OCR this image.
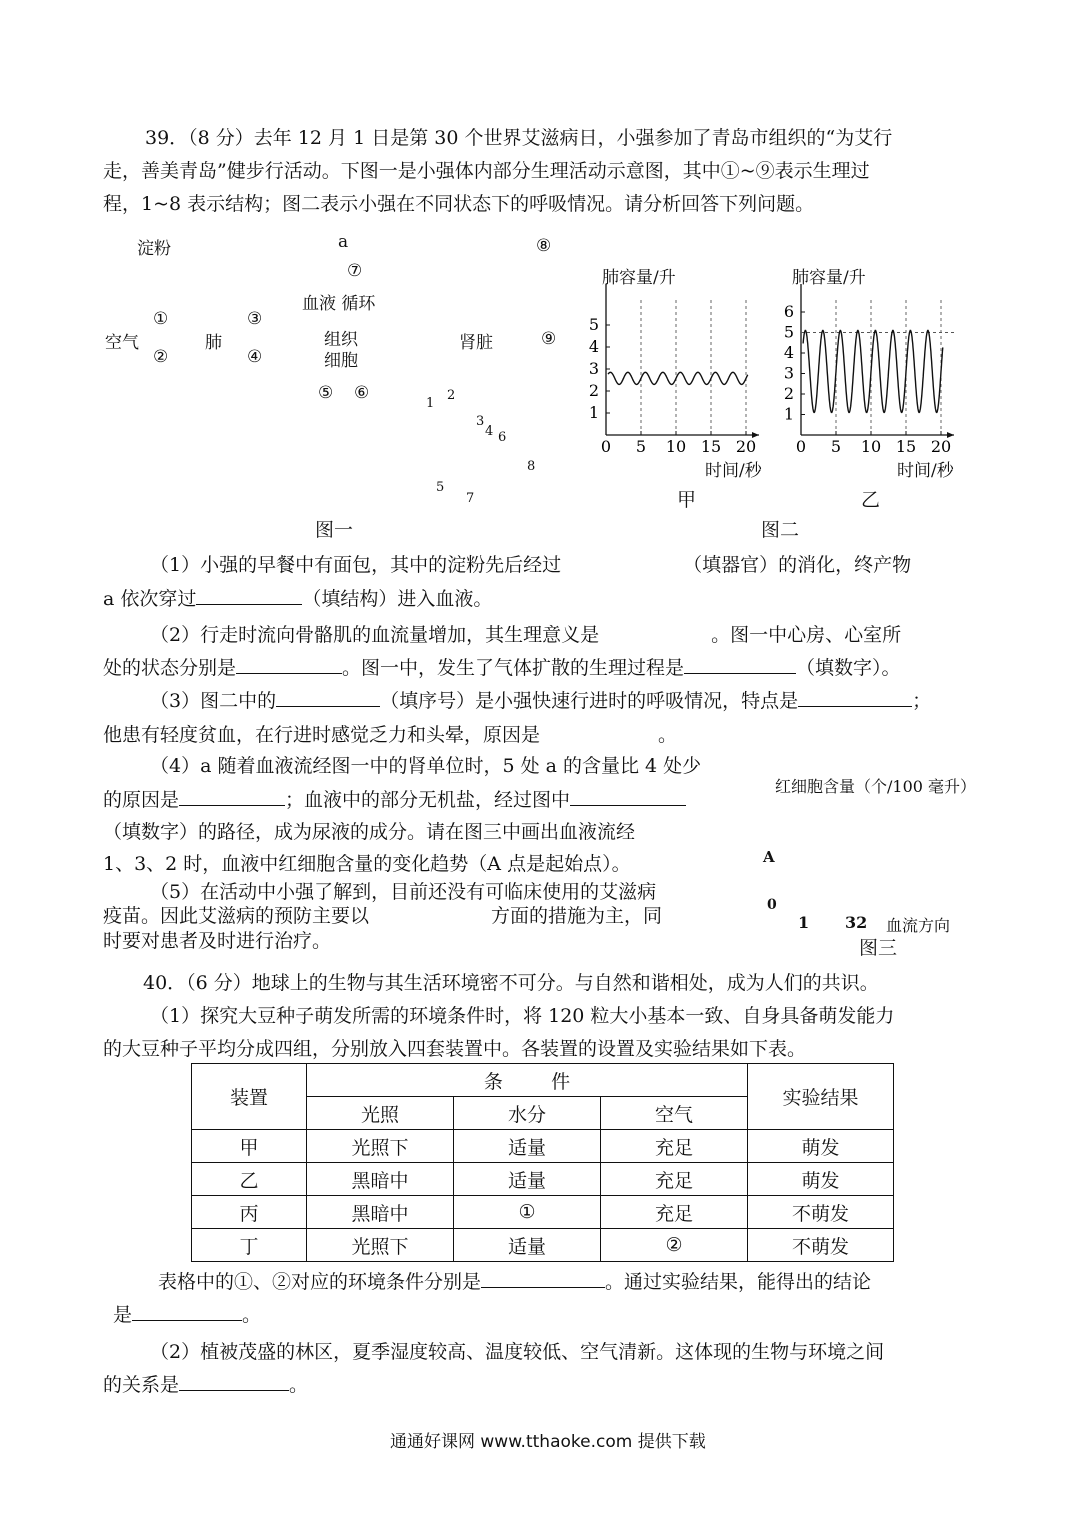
39．（8 分）去年 12 月 1 日是第 30 个世界艾滋病日，小强参加了青岛市组织的“为艾行
走，善美青岛”健步行活动。下图一是小强体内部分生理活动示意图，其中①~⑨表示生理过
程，1~8 表示结构；图二表示小强在不同状态下的呼吸情况。请分析回答下列问题。
淀粉	a	⑧
⑦
血液 循环
①	③
空气	肺	组织	肾脏	⑨
②	④	细胞
⑤ ⑥
1
2
3
4 6
8
5
7
图一
肺容量/升	肺容量/升
0 5 10 15 20
1
2
3
4
5
0 5 10 15 20
1
2
3
4
5
6
时间/秒	时间/秒
甲	乙
图二
（1）小强的早餐中有面包，其中的淀粉先后经过	（填器官）的消化，终产物
a 依次穿过	（填结构）进入血液。
（2）行走时流向骨骼肌的血流量增加，其生理意义是	。图一中心房、心室所
处的状态分别是	。图一中，发生了气体扩散的生理过程是	（填数字）。
（3）图二中的	（填序号）是小强快速行进时的呼吸情况，特点是	；
他患有轻度贫血，在行进时感觉乏力和头晕，原因是	。
（4）a 随着血液流经图一中的肾单位时，5 处 a 的含量比 4 处少
的原因是	；血液中的部分无机盐，经过图中
（填数字）的路径，成为尿液的成分。请在图三中画出血液流经
1、3、2 时，血液中红细胞含量的变化趋势（A 点是起始点）。
（5）在活动中小强了解到，目前还没有可临床使用的艾滋病
疫苗。因此艾滋病的预防主要以	方面的措施为主，同
时要对患者及时进行治疗。
红细胞含量（个/100 毫升）
A
0
1 32 血流方向
图三
40．（6 分）地球上的生物与其生活环境密不可分。与自然和谐相处，成为人们的共识。
（1）探究大豆种子萌发所需的环境条件时，将 120 粒大小基本一致、自身具备萌发能力
的大豆种子平均分成四组，分别放入四套装置中。各装置的设置及实验结果如下表。
装置	条        件			实验结果
	光照	水分	空气	
甲	光照下	适量	充足	萌发
乙	黑暗中	适量	充足	萌发
丙	黑暗中	①	充足	不萌发
丁	光照下	适量	②	不萌发
表格中的①、②对应的环境条件分别是	。通过实验结果，能得出的结论
是	。
（2）植被茂盛的林区，夏季湿度较高、温度较低、空气清新。这体现的生物与环境之间
的关系是	。
通通好课网 www.tthaoke.com 提供下载
